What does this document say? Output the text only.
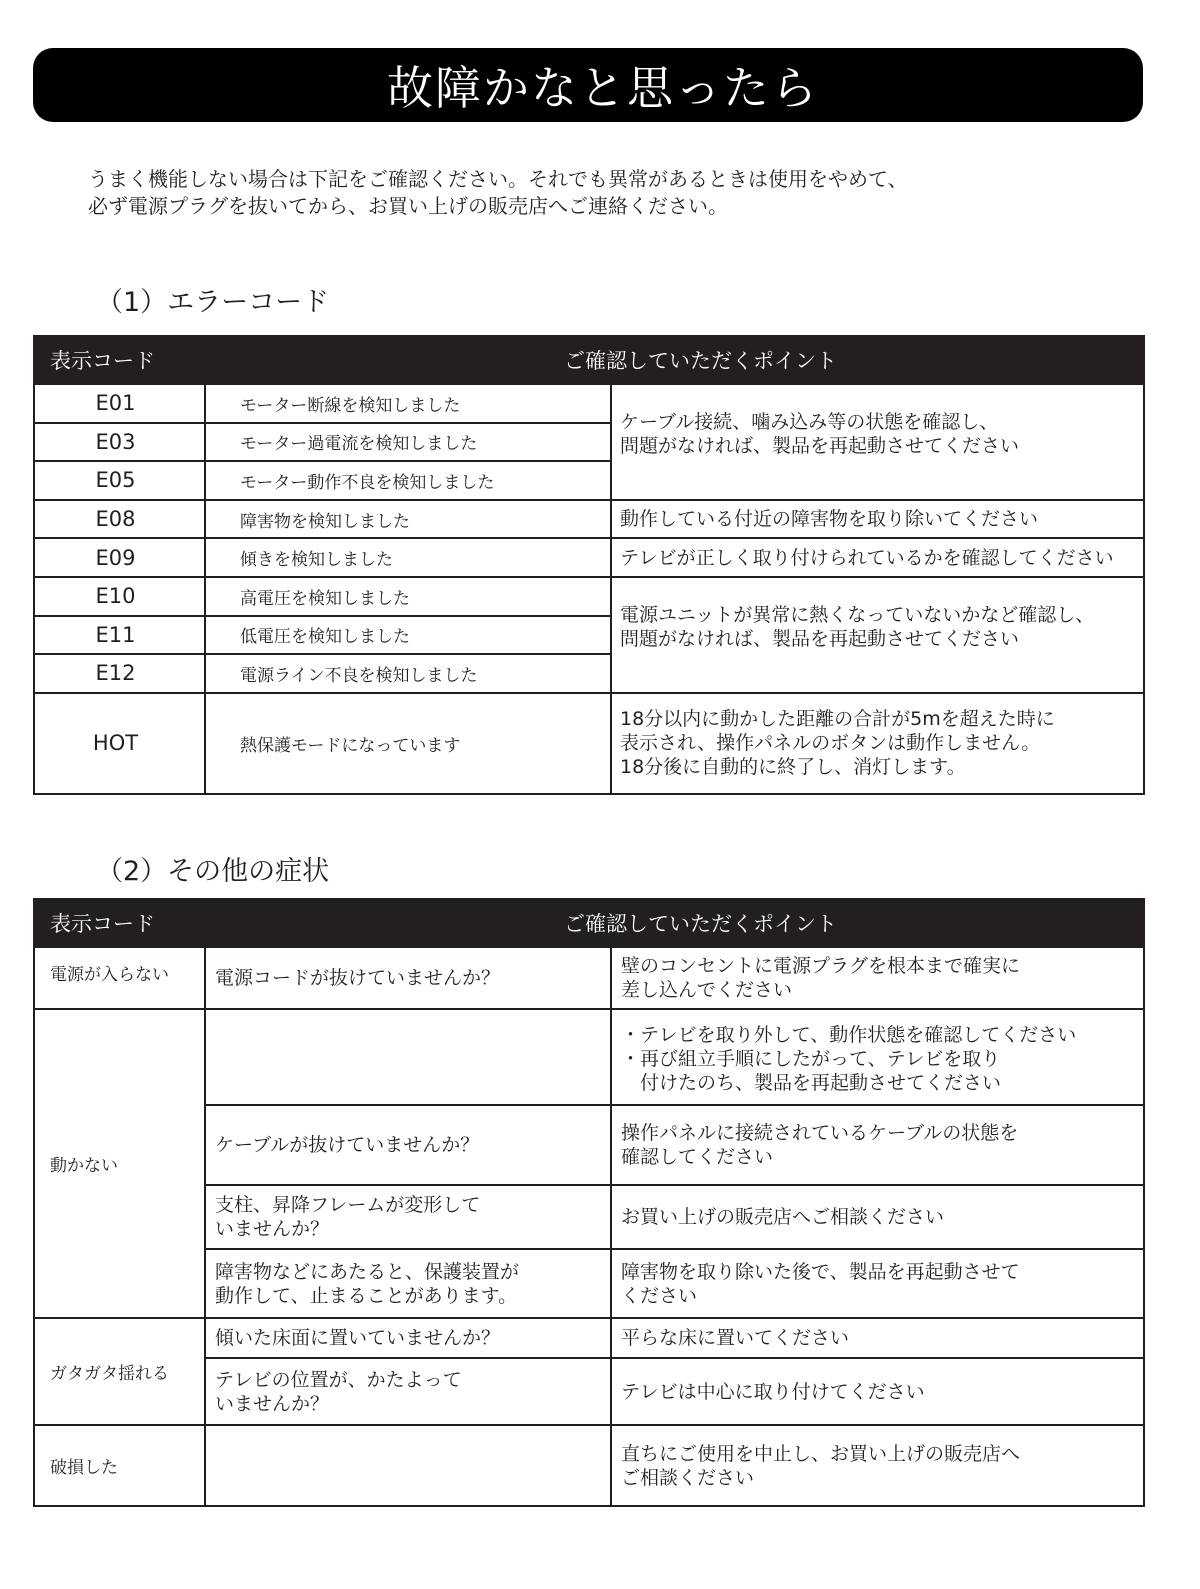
故障かなと思ったら

うまく機能しない場合は下記をご確認ください。それでも異常があるときは使用をやめて、

必ず電源プラグを抜いてから、お買い上げの販売店へご連絡ください。

（1）エラーコード
表示コード	ご確認していただくポイント	
E01	モーター断線を検知しました	ケーブル接続、噛み込み等の状態を確認し、
問題がなければ、製品を再起動させてください

E03	モーター過電流を検知しました	
E05	モーター動作不良を検知しました	
E08	障害物を検知しました	動作している付近の障害物を取り除いてください
E09	傾きを検知しました	テレビが正しく取り付けられているかを確認してください
E10	高電圧を検知しました	電源ユニットが異常に熱くなっていないかなど確認し、
問題がなければ、製品を再起動させてください

E11	低電圧を検知しました	
E12	電源ライン不良を検知しました	
HOT	熱保護モードになっています	18分以内に動かした距離の合計が5mを超えた時に
表示され、操作パネルのボタンは動作しません。
18分後に自動的に終了し、消灯します。
（2）その他の症状
表示コード	ご確認していただくポイント	
電源が入らない	電源コードが抜けていませんか？	壁のコンセントに電源プラグを根本まで確実に
差し込んでください

動かない		・テレビを取り外して、動作状態を確認してください
・再び組立手順にしたがって、テレビを取り
付けたのち、製品を再起動させてください

	ケーブルが抜けていませんか？	操作パネルに接続されているケーブルの状態を
確認してください

	支柱、昇降フレームが変形して
いませんか？	お買い上げの販売店へご相談ください

	障害物などにあたると、保護装置が
動作して、止まることがあります。	障害物を取り除いた後で、製品を再起動させて
ください

ガタガタ揺れる	傾いた床面に置いていませんか？	平らな床に置いてください

	テレビの位置が、かたよって
いませんか？	テレビは中心に取り付けてください

破損した		直ちにご使用を中止し、お買い上げの販売店へ
ご相談ください
